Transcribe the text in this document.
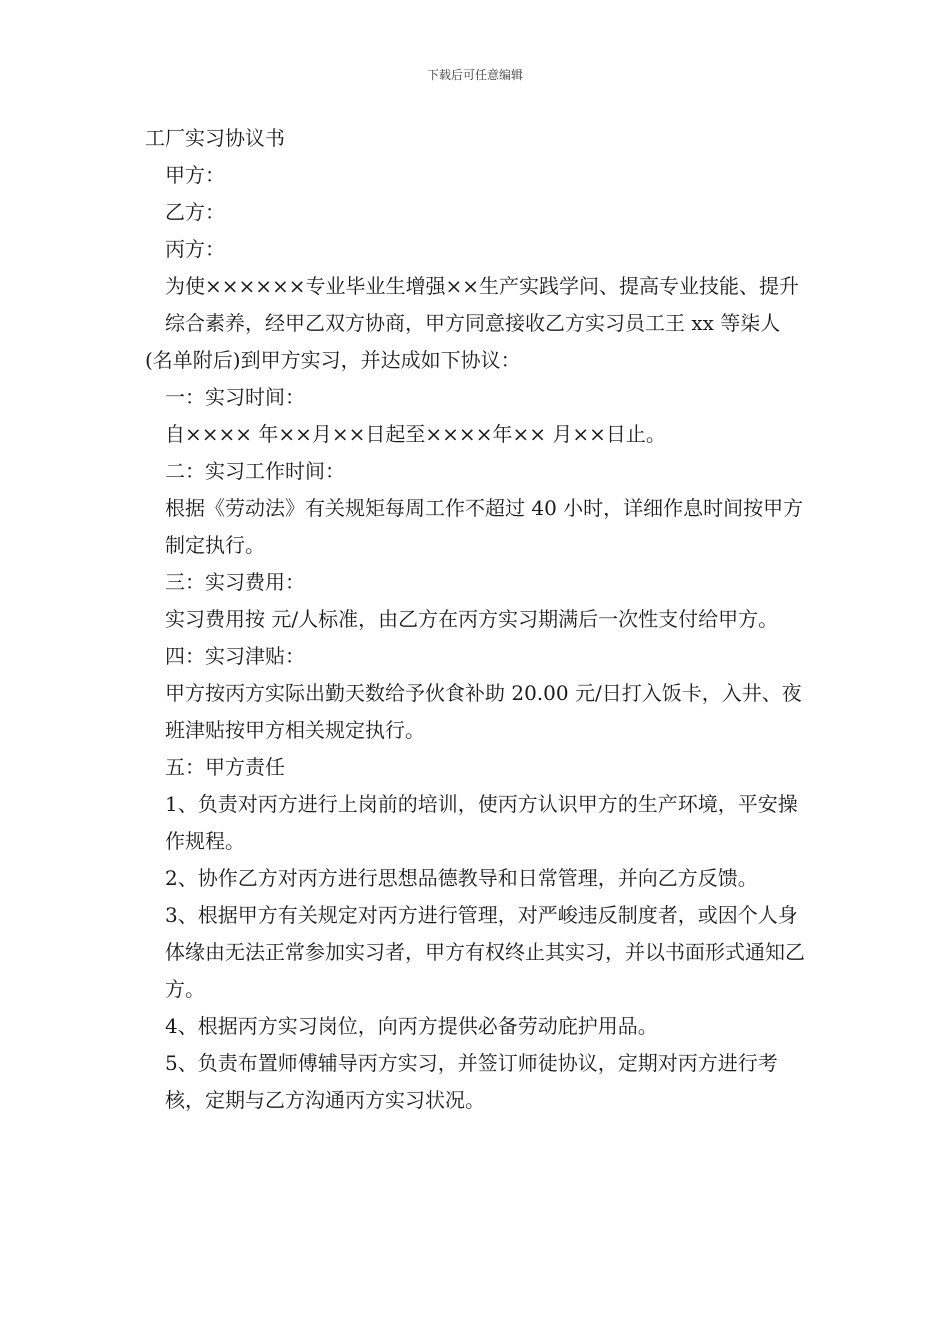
下载后可任意编辑

工厂实习协议书

甲方：

乙方：

丙方：

为使××××××专业毕业生增强××生产实践学问、提高专业技能、提升综合素养，经甲乙双方协商，甲方同意接收乙方实习员工王 xx 等柒人

(名单附后)到甲方实习，并达成如下协议：

一：实习时间：

自×××× 年××月××日起至××××年×× 月××日止。

二：实习工作时间：

根据《劳动法》有关规矩每周工作不超过 40 小时，详细作息时间按甲方制定执行。

三：实习费用：

实习费用按 元/人标准，由乙方在丙方实习期满后一次性支付给甲方。

四：实习津贴：

甲方按丙方实际出勤天数给予伙食补助 20.00 元/日打入饭卡，入井、夜班津贴按甲方相关规定执行。

五：甲方责任

1、负责对丙方进行上岗前的培训，使丙方认识甲方的生产环境，平安操作规程。

2、协作乙方对丙方进行思想品德教导和日常管理，并向乙方反馈。

3、根据甲方有关规定对丙方进行管理，对严峻违反制度者，或因个人身体缘由无法正常参加实习者，甲方有权终止其实习，并以书面形式通知乙方。

4、根据丙方实习岗位，向丙方提供必备劳动庇护用品。

5、负责布置师傅辅导丙方实习，并签订师徒协议，定期对丙方进行考核，定期与乙方沟通丙方实习状况。
